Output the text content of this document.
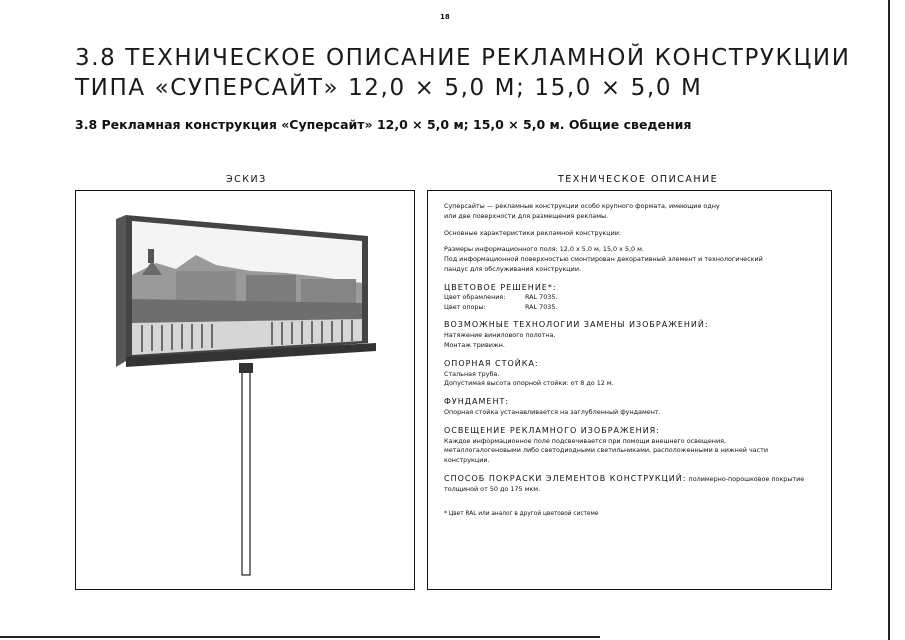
18
3.8 ТЕХНИЧЕСКОЕ ОПИСАНИЕ РЕКЛАМНОЙ КОНСТРУКЦИИ
ТИПА «СУПЕРСАЙТ» 12,0 × 5,0 М; 15,0 × 5,0 М
3.8 Рекламная конструкция «Суперсайт» 12,0 × 5,0 м; 15,0 × 5,0 м. Общие сведения
ЭСКИЗ	ТЕХНИЧЕСКОЕ ОПИСАНИЕ

Суперсайты — рекламные конструкции особо крупного формата, имеющие одну
или две поверхности для размещения рекламы.

Основные характеристики рекламной конструкции:

Размеры информационного поля: 12,0 х 5,0 м, 15,0 х 5,0 м.
Под информационной поверхностью смонтирован декоративный элемент и технологический
пандус для обслуживания конструкции.

ЦВЕТОВОЕ РЕШЕНИЕ*:
Цвет обрамления:	RAL 7035.
Цвет опоры:	RAL 7035.

ВОЗМОЖНЫЕ ТЕХНОЛОГИИ ЗАМЕНЫ ИЗОБРАЖЕНИЙ:
Натяжение винилового полотна.
Монтаж тривижн.

ОПОРНАЯ СТОЙКА:
Стальная труба.
Допустимая высота опорной стойки: от 8 до 12 м.

ФУНДАМЕНТ:
Опорная стойка устанавливается на заглубленный фундамент.

ОСВЕЩЕНИЕ РЕКЛАМНОГО ИЗОБРАЖЕНИЯ:
Каждое информационное поле подсвечивается при помощи внешнего освещения,
металлогалогеновыми либо светодиодными светильниками, расположенными в нижней части
конструкции.

СПОСОБ ПОКРАСКИ ЭЛЕМЕНТОВ КОНСТРУКЦИЙ: полимерно-порошковое покрытие
толщиной от 50 до 175 мкм.

* Цвет RAL или аналог в другой цветовой системе
